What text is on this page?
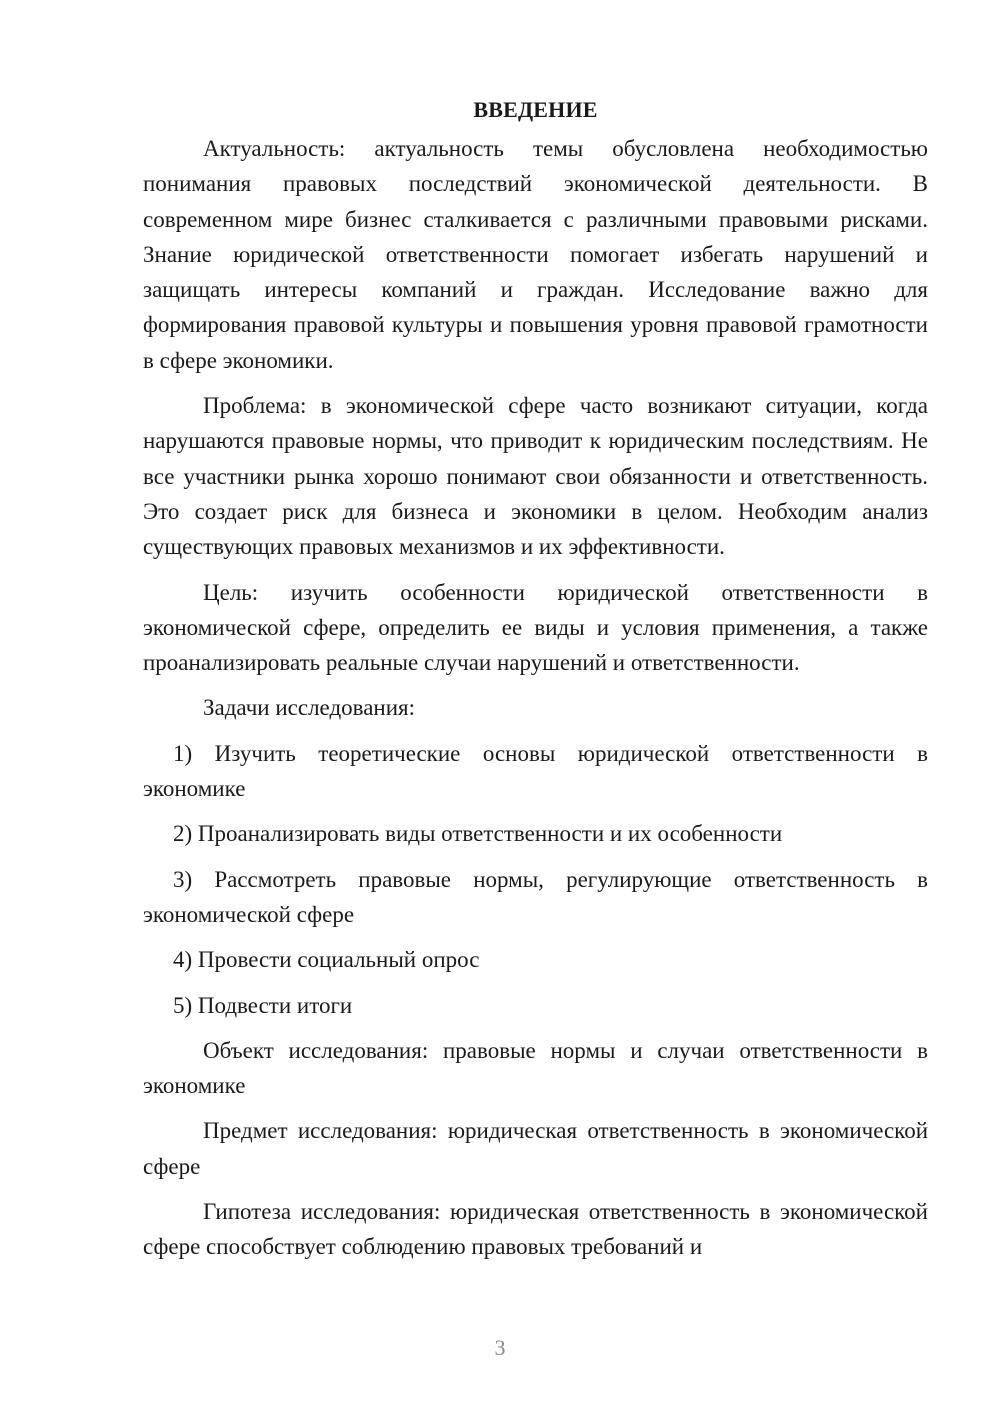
ВВЕДЕНИЕ

Актуальность: актуальность темы обусловлена необходимостью понимания правовых последствий экономической деятельности. В современном мире бизнес сталкивается с различными правовыми рисками. Знание юридической ответственности помогает избегать нарушений и защищать интересы компаний и граждан. Исследование важно для формирования правовой культуры и повышения уровня правовой грамотности в сфере экономики.

Проблема: в экономической сфере часто возникают ситуации, когда нарушаются правовые нормы, что приводит к юридическим последствиям. Не все участники рынка хорошо понимают свои обязанности и ответственность. Это создает риск для бизнеса и экономики в целом. Необходим анализ существующих правовых механизмов и их эффективности.

Цель: изучить особенности юридической ответственности в экономической сфере, определить ее виды и условия применения, а также проанализировать реальные случаи нарушений и ответственности.

Задачи исследования:

1) Изучить теоретические основы юридической ответственности в экономике

2) Проанализировать виды ответственности и их особенности

3) Рассмотреть правовые нормы, регулирующие ответственность в экономической сфере

4) Провести социальный опрос

5) Подвести итоги

Объект исследования: правовые нормы и случаи ответственности в экономике

Предмет исследования: юридическая ответственность в экономической сфере

Гипотеза исследования: юридическая ответственность в экономической сфере способствует соблюдению правовых требований и

3
